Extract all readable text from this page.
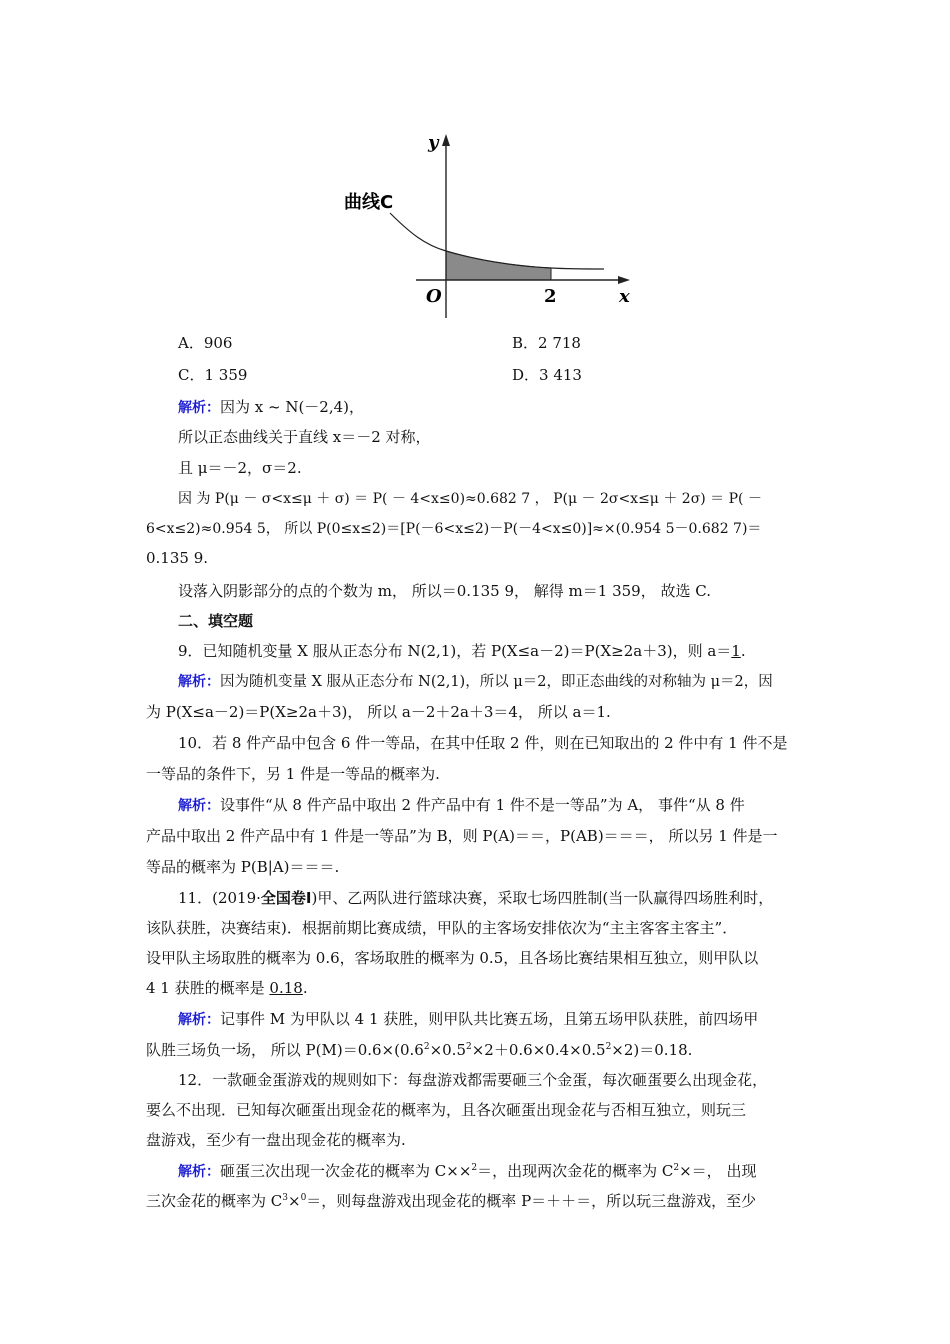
y
曲线C
O	2	x
A．906	B．2 718
C．1 359	D．3 413
解析：因为 x ~ N(－2,4)，
所以正态曲线关于直线 x＝－2 对称，
且 μ＝－2，σ＝2.
因 为 P(μ － σ<x≤μ ＋ σ) ＝ P( － 4<x≤0)≈0.682 7 ， P(μ － 2σ<x≤μ ＋ 2σ) ＝ P( －
6<x≤2)≈0.954 5， 所以 P(0≤x≤2)＝[P(－6<x≤2)－P(－4<x≤0)]≈×(0.954 5－0.682 7)＝
0.135 9.
设落入阴影部分的点的个数为 m， 所以＝0.135 9， 解得 m＝1 359， 故选 C.
二、填空题
9．已知随机变量 X 服从正态分布 N(2,1)，若 P(X≤a－2)＝P(X≥2a＋3)，则 a＝1.
解析：因为随机变量 X 服从正态分布 N(2,1)，所以 μ＝2，即正态曲线的对称轴为 μ＝2，因
为 P(X≤a－2)＝P(X≥2a＋3)， 所以 a－2＋2a＋3＝4， 所以 a＝1.
10．若 8 件产品中包含 6 件一等品，在其中任取 2 件，则在已知取出的 2 件中有 1 件不是
一等品的条件下，另 1 件是一等品的概率为.
解析：设事件“从 8 件产品中取出 2 件产品中有 1 件不是一等品”为 A， 事件“从 8 件
产品中取出 2 件产品中有 1 件是一等品”为 B，则 P(A)＝＝，P(AB)＝＝＝， 所以另 1 件是一
等品的概率为 P(B|A)＝＝＝.
11．(2019·全国卷Ⅰ)甲、乙两队进行篮球决赛，采取七场四胜制(当一队赢得四场胜利时，
该队获胜，决赛结束)．根据前期比赛成绩，甲队的主客场安排依次为“主主客客主客主”．
设甲队主场取胜的概率为 0.6，客场取胜的概率为 0.5，且各场比赛结果相互独立，则甲队以
4 1 获胜的概率是 0.18.
解析：记事件 M 为甲队以 4 1 获胜，则甲队共比赛五场，且第五场甲队获胜，前四场甲
队胜三场负一场， 所以 $P(M)=0.6\times(0.6^2\times 0.5^2\times 2+0.6\times 0.4\times 0.5^2\times 2)=0.18$.
12．一款砸金蛋游戏的规则如下：每盘游戏都需要砸三个金蛋，每次砸蛋要么出现金花，
要么不出现．已知每次砸蛋出现金花的概率为，且各次砸蛋出现金花与否相互独立，则玩三
盘游戏，至少有一盘出现金花的概率为.
解析：砸蛋三次出现一次金花的概率为 C××$^2$＝，出现两次金花的概率为 $C^2\times=$， 出现
三次金花的概率为 $C^3\times^0=$，则每盘游戏出现金花的概率 P＝＋＋＝，所以玩三盘游戏，至少
